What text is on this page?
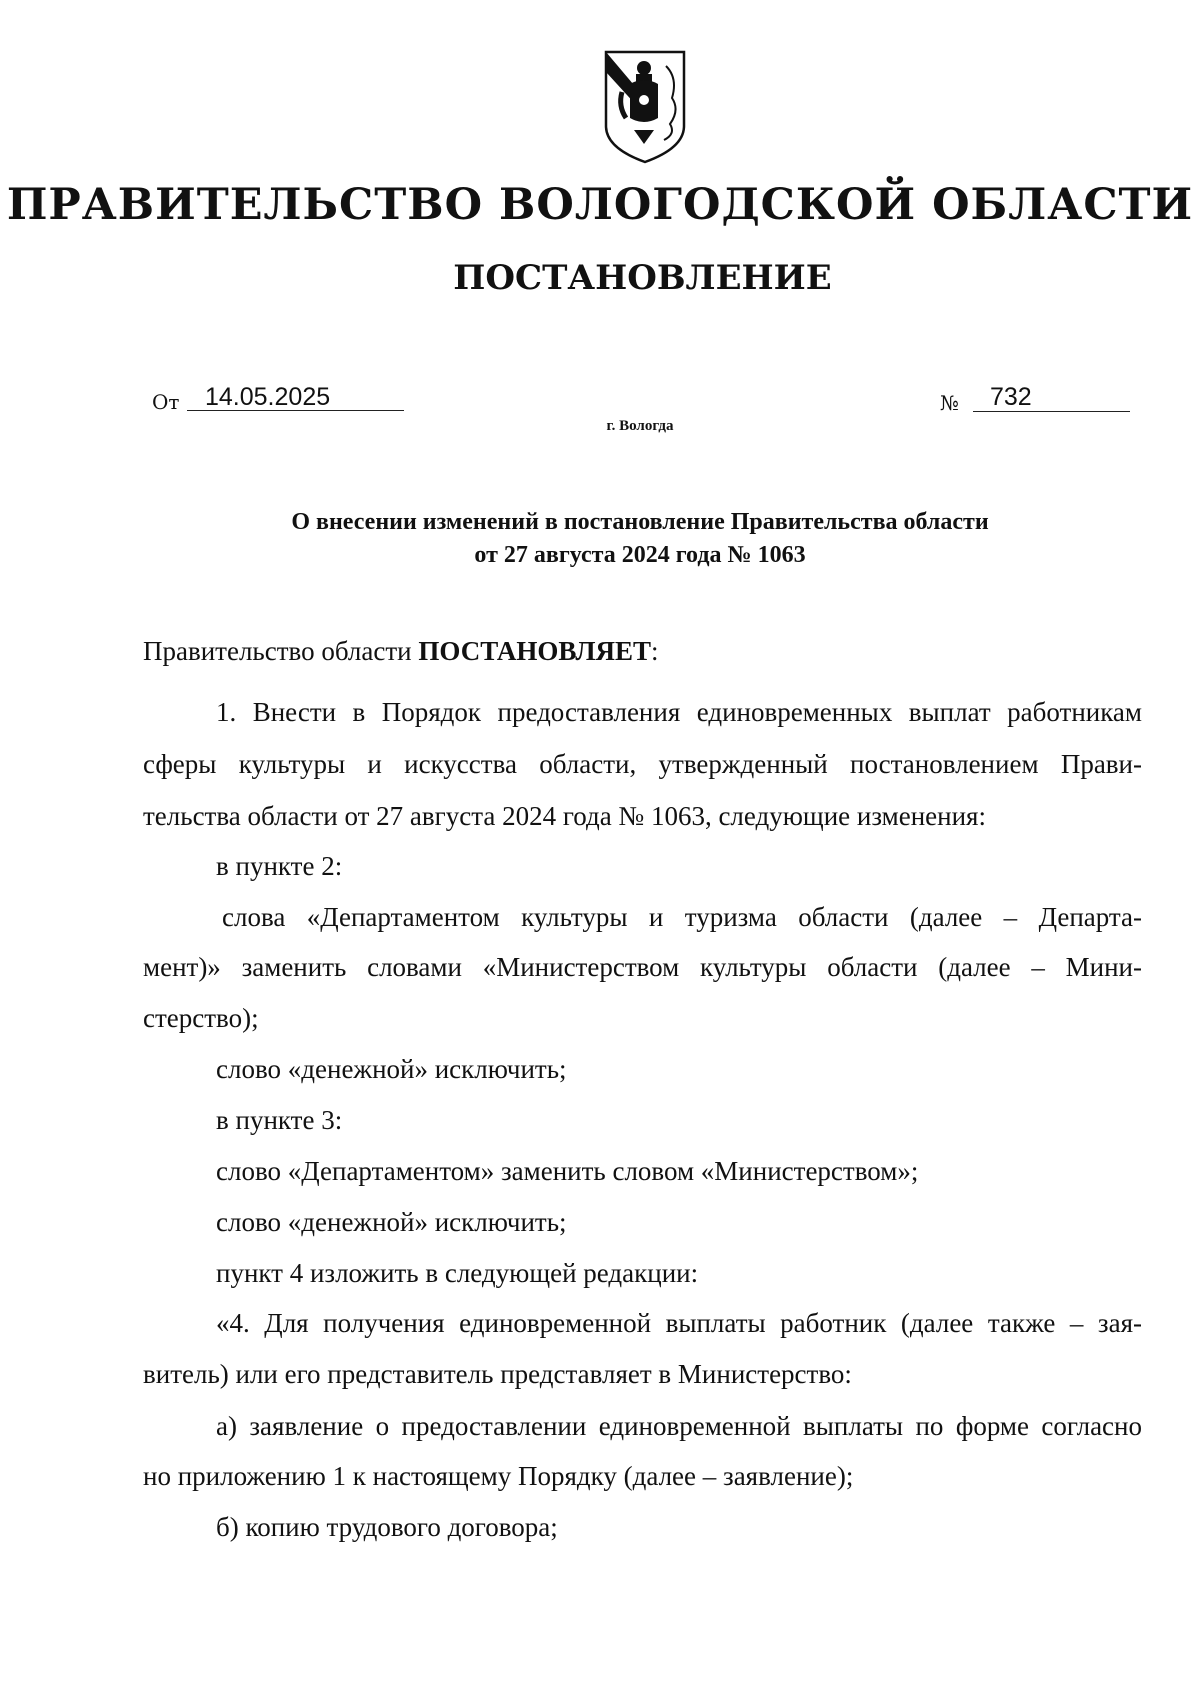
ПРАВИТЕЛЬСТВО ВОЛОГОДСКОЙ ОБЛАСТИ
ПОСТАНОВЛЕНИЕ
От 14.05.2025	№ 732
г. Вологда
О внесении изменений в постановление Правительства области
от 27 августа 2024 года № 1063
Правительство области ПОСТАНОВЛЯЕТ:
1. Внести в Порядок предоставления единовременных выплат работникам
сферы культуры и искусства области, утвержденный постановлением Прави-
тельства области от 27 августа 2024 года № 1063, следующие изменения:
в пункте 2:
слова «Департаментом культуры и туризма области (далее – Департа-
мент)» заменить словами «Министерством культуры области (далее – Мини-
стерство);
слово «денежной» исключить;
в пункте 3:
слово «Департаментом» заменить словом «Министерством»;
слово «денежной» исключить;
пункт 4 изложить в следующей редакции:
«4. Для получения единовременной выплаты работник (далее также – зая-
витель) или его представитель представляет в Министерство:
а) заявление о предоставлении единовременной выплаты по форме согласно
но приложению 1 к настоящему Порядку (далее – заявление);
б) копию трудового договора;
